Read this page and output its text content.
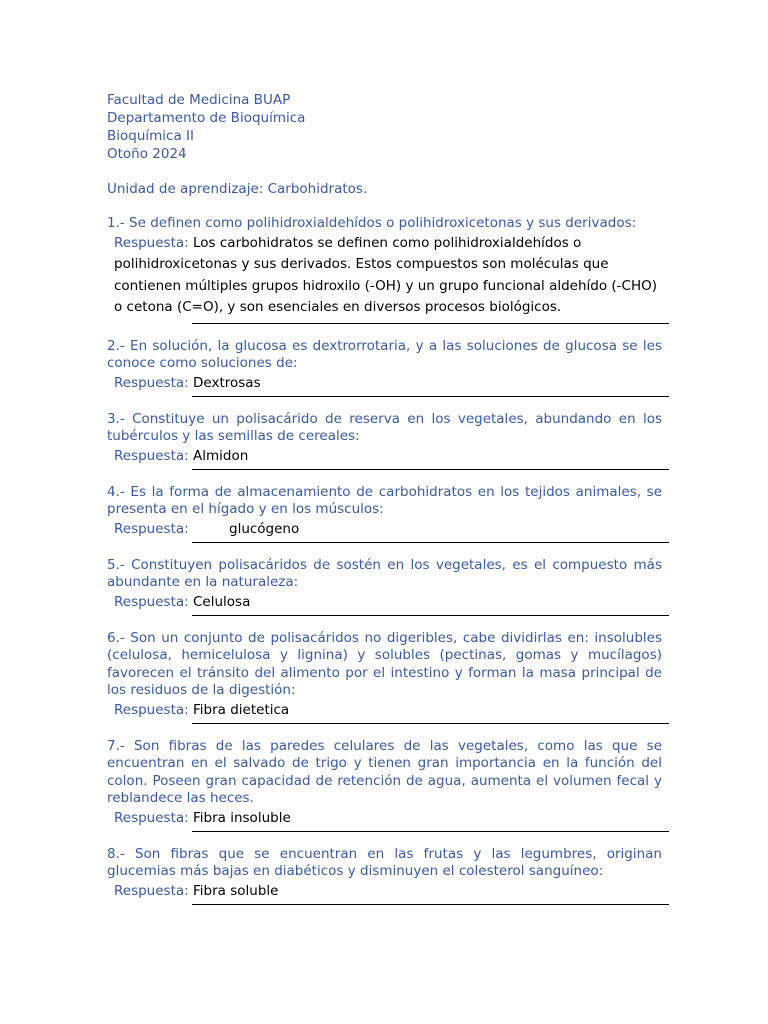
Facultad de Medicina BUAP
Departamento de Bioquímica
Bioquímica II
Otoño 2024
Unidad de aprendizaje: Carbohidratos.
1.- Se definen como polihidroxialdehídos o polihidroxicetonas y sus derivados:
Respuesta: Los carbohidratos se definen como polihidroxialdehídos o polihidroxicetonas y sus derivados. Estos compuestos son moléculas que contienen múltiples grupos hidroxilo (-OH) y un grupo funcional aldehído (-CHO) o cetona (C=O), y son esenciales en diversos procesos biológicos.
2.- En solución, la glucosa es dextrorrotaria, y a las soluciones de glucosa se les conoce como soluciones de:
Respuesta: Dextrosas
3.- Constituye un polisacárido de reserva en los vegetales, abundando en los tubérculos y las semillas de cereales:
Respuesta: Almidon
4.- Es la forma de almacenamiento de carbohidratos en los tejidos animales, se presenta en el hígado y en los músculos:
Respuesta:	glucógeno
5.- Constituyen polisacáridos de sostén en los vegetales, es el compuesto más abundante en la naturaleza:
Respuesta: Celulosa
6.- Son un conjunto de polisacáridos no digeribles, cabe dividirlas en: insolubles (celulosa, hemicelulosa y lignina) y solubles (pectinas, gomas y mucílagos) favorecen el tránsito del alimento por el intestino y forman la masa principal de los residuos de la digestión:
Respuesta: Fibra dietetica
7.- Son fibras de las paredes celulares de las vegetales, como las que se encuentran en el salvado de trigo y tienen gran importancia en la función del colon. Poseen gran capacidad de retención de agua, aumenta el volumen fecal y reblandece las heces.
Respuesta: Fibra insoluble
8.- Son fibras que se encuentran en las frutas y las legumbres, originan glucemias más bajas en diabéticos y disminuyen el colesterol sanguíneo:
Respuesta: Fibra soluble
